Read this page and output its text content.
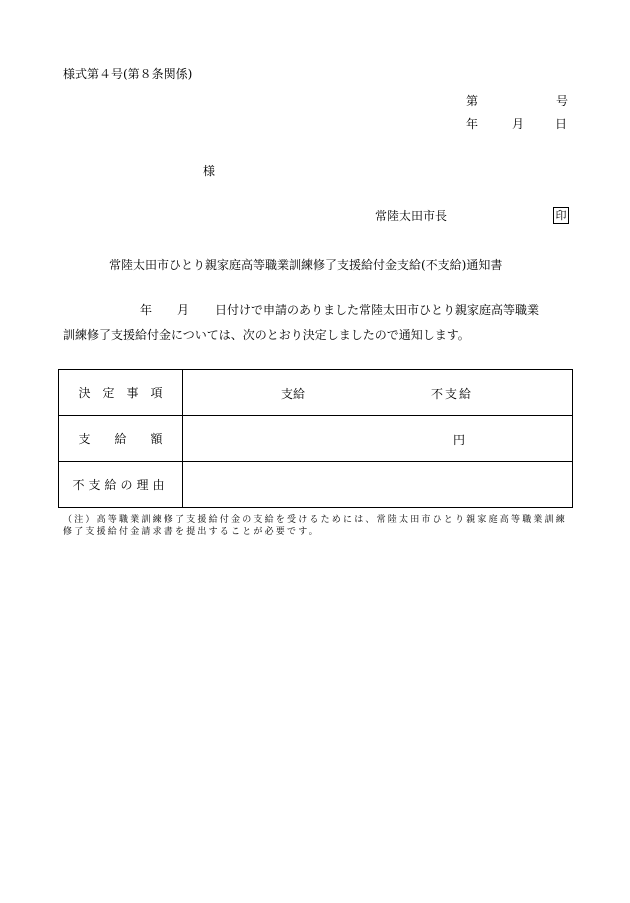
様式第４号(第８条関係)
第	号
年	月	日
様
常陸太田市長	印
常陸太田市ひとり親家庭高等職業訓練修了支援給付金支給(不支給)通知書
年 月 日付けで申請のありました常陸太田市ひとり親家庭高等職業
訓練修了支援給付金については、次のとおり決定しましたので通知します。
決　定　事　項	支給 不支給

支　　給　　額	円

不支給の理由	
（注）高等職業訓練修了支援給付金の支給を受けるためには、常陸太田市ひとり親家庭高等職業訓練修了支援給付金請求書を提出することが必要です。
